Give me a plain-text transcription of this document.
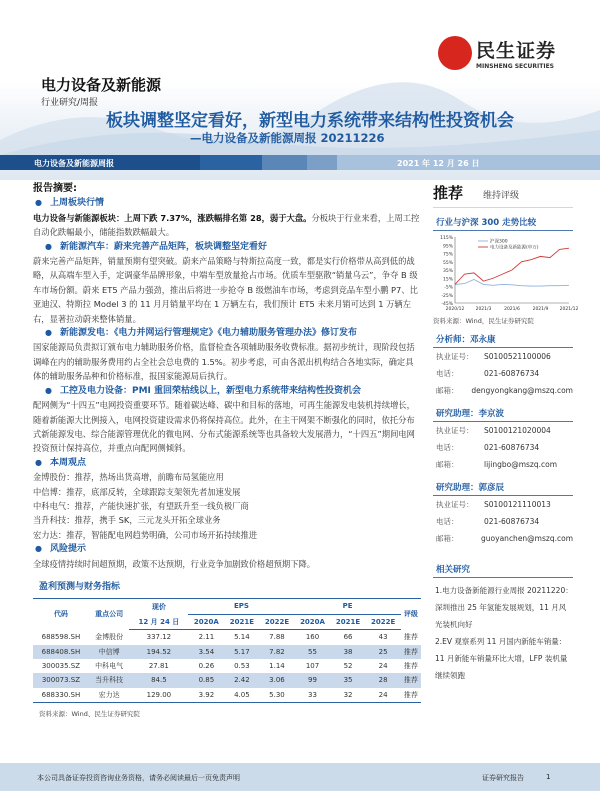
民生证券
MINSHENG SECURITIES
电力设备及新能源
行业研究/周报
板块调整坚定看好，新型电力系统带来结构性投资机会
—电力设备及新能源周报 20211226
电力设备及新能源周报	2021 年 12 月 26 日
报告摘要:
● 上周板块行情
电力设备与新能源板块：上周下跌 7.37%，涨跌幅排名第 28，弱于大盘。分板块于行业来看，上周工控自动化跌幅最小，储能指数跌幅最大。
● 新能源汽车：蔚来完善产品矩阵，板块调整坚定看好
蔚来完善产品矩阵，销量预期有望突破。蔚来产品策略与特斯拉高度一致，都是实行价格带从高到低的战略，从高端车型入手，定调豪华品牌形象，中端车型放量抢占市场。优质车型驱散“销量乌云”，争夺 B 级车市场份额。蔚来 ET5 产品力强劲，推出后将进一步抢夺 B 级燃油车市场，考虑到竞品车型小鹏 P7、比亚迪汉、特斯拉 Model 3 的 11 月月销量平均在 1 万辆左右，我们预计 ET5 未来月销可达到 1 万辆左右，显著拉动蔚来整体销量。
● 新能源发电：《电力并网运行管理规定》《电力辅助服务管理办法》修订发布
国家能源局负责拟订颁布电力辅助服务价格，监督检查各项辅助服务收费标准。据初步统计，现阶段包括调峰在内的辅助服务费用约占全社会总电费的 1.5%。初步考虑，可由各派出机构结合各地实际，确定具体的辅助服务品种和价格标准，报国家能源局后执行。
● 工控及电力设备：PMI 重回荣枯线以上，新型电力系统带来结构性投资机会
配网侧为“十四五”电网投资重要环节。随着碳达峰、碳中和目标的落地，可再生能源发电装机持续增长，随着新能源大比例接入，电网投资建设需求仍将保持高位。此外，在主干网架不断强化的同时，依托分布式新能源发电、综合能源管理优化的微电网、分布式能源系统等也具备较大发展潜力，“十四五”期间电网投资预计保持高位，并重点向配网侧倾斜。
● 本周观点
金博股份：推荐，热场出货高增，前瞻布局氢能应用
中信博：推荐，底部反转，全球跟踪支架领先者加速发展
中科电气：推荐，产能快速扩张，有望跃升至一线负极厂商
当升科技：推荐，携手 SK，三元龙头开拓全球业务
宏力达：推荐，智能配电网趋势明确，公司市场开拓持续推进
● 风险提示
全球疫情持续时间超预期，政策不达预期，行业竞争加剧致价格超预期下降。
盈利预测与财务指标
代码	重点公司	现价	EPS			PE			评级
		12 月 24 日	2020A	2021E	2022E	2020A	2021E	2022E	
688598.SH	金博股份	337.12	2.11	5.14	7.88	160	66	43	推荐
688408.SH	中信博	194.52	3.54	5.17	7.82	55	38	25	推荐
300035.SZ	中科电气	27.81	0.26	0.53	1.14	107	52	24	推荐
300073.SZ	当升科技	84.5	0.85	2.42	3.06	99	35	28	推荐
688330.SH	宏力达	129.00	3.92	4.05	5.30	33	32	24	推荐
资料来源：Wind、民生证券研究院
推荐 维持评级
行业与沪深 300 走势比较
115%
95%
75%
55%
35%
15%
-5%
-25%
-45%
2020/12 2021/3	2021/6	2021/9 2021/12
沪深300
电力设备及新能源(申万)
资料来源：Wind，民生证券研究院
分析师：邓永康
执业证号：	S0100521100006
电话：	021-60876734
邮箱：	dengyongkang@mszq.com
研究助理：李京波
执业证号：	S0100121020004
电话：	021-60876734
邮箱：	lijingbo@mszq.com
研究助理：郭彦辰
执业证号：	S0100121110013
电话：	021-60876734
邮箱：	guoyanchen@mszq.com
相关研究
1.电力设备新能源行业周报 20211220：深圳推出 25 年氢能发展规划，11 月风光装机向好
2.EV 观察系列 11 月国内新能车销量：11 月新能车销量环比大增，LFP 装机量继续领跑
本公司具备证券投资咨询业务资格，请务必阅读最后一页免责声明	证券研究报告	1
